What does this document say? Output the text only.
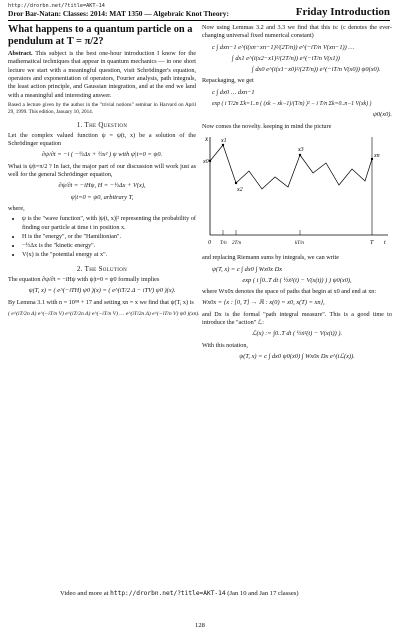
http://drorbn.net/?title=AKT-14
Dror Bar-Natan: Classes: 2014: MAT 1350 — Algebraic Knot Theory:	Friday Introduction
What happens to a quantum particle on a pendulum at T = π/2?

Abstract. This subject is the best one-hour introduction I know for the mathematical techniques that appear in quantum mechanics — in one short lecture we start with a meaningful question, visit Schrödinger's equation, operators and exponentiation of operators, Fourier analysis, path integrals, the least action principle, and Gaussian integration, and at the end we land with a meaningful and interesting answer.

Based a lecture given by the author in the "trivial notions" seminar in Harvard on April 29, 1999. This edition, January 10, 2014.

1. The Question

Let the complex valued function ψ = ψ(t, x) be a solution of the Schrödinger equation

∂ψ/∂t = −i ( −½Δx + ½x² ) ψ with ψ|t=0 = ψ0.

What is ψ|t=π/2 ? In fact, the major part of our discussion will work just as well for the general Schrödinger equation,

∂ψ/∂t = −iHψ, H = −½Δx + V(x),
ψ|t=0 = ψ0, arbitrary T,

where,

• ψ is the "wave function", with |ψ(t, x)|² representing the probability of finding our particle at time t in position x.
• H is the "energy", or the "Hamiltonian".
• −½Δx is the "kinetic energy".
• V(x) is the "potential energy at x".
2. The Solution

The equation ∂ψ/∂t = −iHψ with ψ|t=0 = ψ0 formally implies

ψ(T, x) = ( e^(−iTH) ψ0 )(x) = ( e^(iT/2 Δ − iTV) ψ0 )(x).

By Lemma 3.1 with n = 10⁵⁸ + 17 and setting xn = x we find that ψ(T, x) is

( e^(iT/2n Δ) e^(−iT/n V) e^(iT/2n Δ) e^(−iT/n V) … e^(iT/2n Δ) e^(−iT/n V) ψ0 )(xn).

Now using Lemmas 3.2 and 3.3 we find that this is: (c denotes the ever-changing universal fixed numerical constant)

c ∫ dxn−1 e^(i(xn−xn−1)²/(2T/n)) e^(−iT/n V(xn−1)) …
∫ dx1 e^(i(x2−x1)²/(2T/n)) e^(−iT/n V(x1))
∫ dx0 e^(i(x1−x0)²/(2T/n)) e^(−iT/n V(x0)) ψ0(x0).

Repackaging, we get

c ∫ dx0 … dxn−1
exp ( i T/2n Σk=1..n ( (xk − xk−1)/(T/n) )² − i T/n Σk=0..n−1 V(xk) )
ψ0(x0).

Now comes the novelty. keeping in mind the picture

x
x0
x1
x2
x3
xn
0 T/n 2T/n	kT/n	T t

and replacing Riemann sums by integrals, we can write

ψ(T, x) = c ∫ dx0 ∫ Wx0x Dx
exp ( i ∫0..T dt ( ½ẋ²(t) − V(x(t)) ) ) ψ0(x0),

where Wx0x denotes the space of paths that begin at x0 and end at xn:

Wx0x = {x : [0, T] → ℝ : x(0) = x0, x(T) = xn},

and Dx is the formal "path integral measure". This is a good time to introduce the "action" ℒ:

ℒ(x) := ∫0..T dt ( ½ẋ²(t) − V(x(t)) ).

With this notation,

ψ(T, x) = c ∫ dx0 ψ0(x0) ∫ Wx0x Dx e^(iℒ(x)).
Video and more at http://drorbn.net/?title=AKT-14 (Jan 10 and Jan 17 classes)
128
